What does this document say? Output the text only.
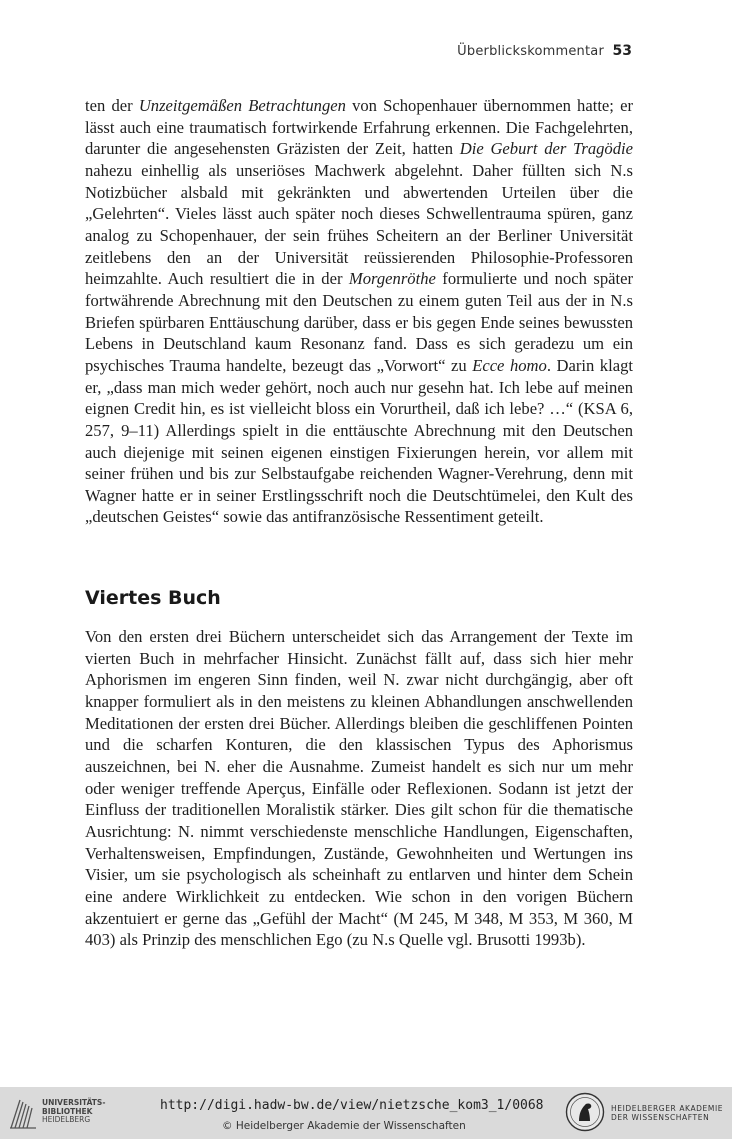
Überblickskommentar 53

ten der Unzeitgemäßen Betrachtungen von Schopenhauer übernommen hatte; er lässt auch eine traumatisch fortwirkende Erfahrung erkennen. Die Fachgelehrten, darunter die angesehensten Gräzisten der Zeit, hatten Die Geburt der Tragödie nahezu einhellig als unseriöses Machwerk abgelehnt. Daher füllten sich N.s Notizbücher alsbald mit gekränkten und abwertenden Urteilen über die „Gelehrten“. Vieles lässt auch später noch dieses Schwellentrauma spüren, ganz analog zu Schopenhauer, der sein frühes Scheitern an der Berliner Universität zeitlebens den an der Universität reüssierenden Philosophie-Professoren heimzahlte. Auch resultiert die in der Morgenröthe formulierte und noch später fortwährende Abrechnung mit den Deutschen zu einem guten Teil aus der in N.s Briefen spürbaren Enttäuschung darüber, dass er bis gegen Ende seines bewussten Lebens in Deutschland kaum Resonanz fand. Dass es sich geradezu um ein psychisches Trauma handelte, bezeugt das „Vorwort“ zu Ecce homo. Darin klagt er, „dass man mich weder gehört, noch auch nur gesehn hat. Ich lebe auf meinen eignen Credit hin, es ist vielleicht bloss ein Vorurtheil, daß ich lebe? …“ (KSA 6, 257, 9–11) Allerdings spielt in die enttäuschte Abrechnung mit den Deutschen auch diejenige mit seinen eigenen einstigen Fixierungen herein, vor allem mit seiner frühen und bis zur Selbstaufgabe reichenden Wagner-Verehrung, denn mit Wagner hatte er in seiner Erstlingsschrift noch die Deutschtümelei, den Kult des „deutschen Geistes“ sowie das antifranzösische Ressentiment geteilt.

Viertes Buch

Von den ersten drei Büchern unterscheidet sich das Arrangement der Texte im vierten Buch in mehrfacher Hinsicht. Zunächst fällt auf, dass sich hier mehr Aphorismen im engeren Sinn finden, weil N. zwar nicht durchgängig, aber oft knapper formuliert als in den meistens zu kleinen Abhandlungen anschwellenden Meditationen der ersten drei Bücher. Allerdings bleiben die geschliffenen Pointen und die scharfen Konturen, die den klassischen Typus des Aphorismus auszeichnen, bei N. eher die Ausnahme. Zumeist handelt es sich nur um mehr oder weniger treffende Aperçus, Einfälle oder Reflexionen. Sodann ist jetzt der Einfluss der traditionellen Moralistik stärker. Dies gilt schon für die thematische Ausrichtung: N. nimmt verschiedenste menschliche Handlungen, Eigenschaften, Verhaltensweisen, Empfindungen, Zustände, Gewohnheiten und Wertungen ins Visier, um sie psychologisch als scheinhaft zu entlarven und hinter dem Schein eine andere Wirklichkeit zu entdecken. Wie schon in den vorigen Büchern akzentuiert er gerne das „Gefühl der Macht“ (M 245, M 348, M 353, M 360, M 403) als Prinzip des menschlichen Ego (zu N.s Quelle vgl. Brusotti 1993b).

UNIVERSITÄTS-
BIBLIOTHEK
HEIDELBERG
http://digi.hadw-bw.de/view/nietzsche_kom3_1/0068
© Heidelberger Akademie der Wissenschaften
HEIDELBERGER AKADEMIE
DER WISSENSCHAFTEN
